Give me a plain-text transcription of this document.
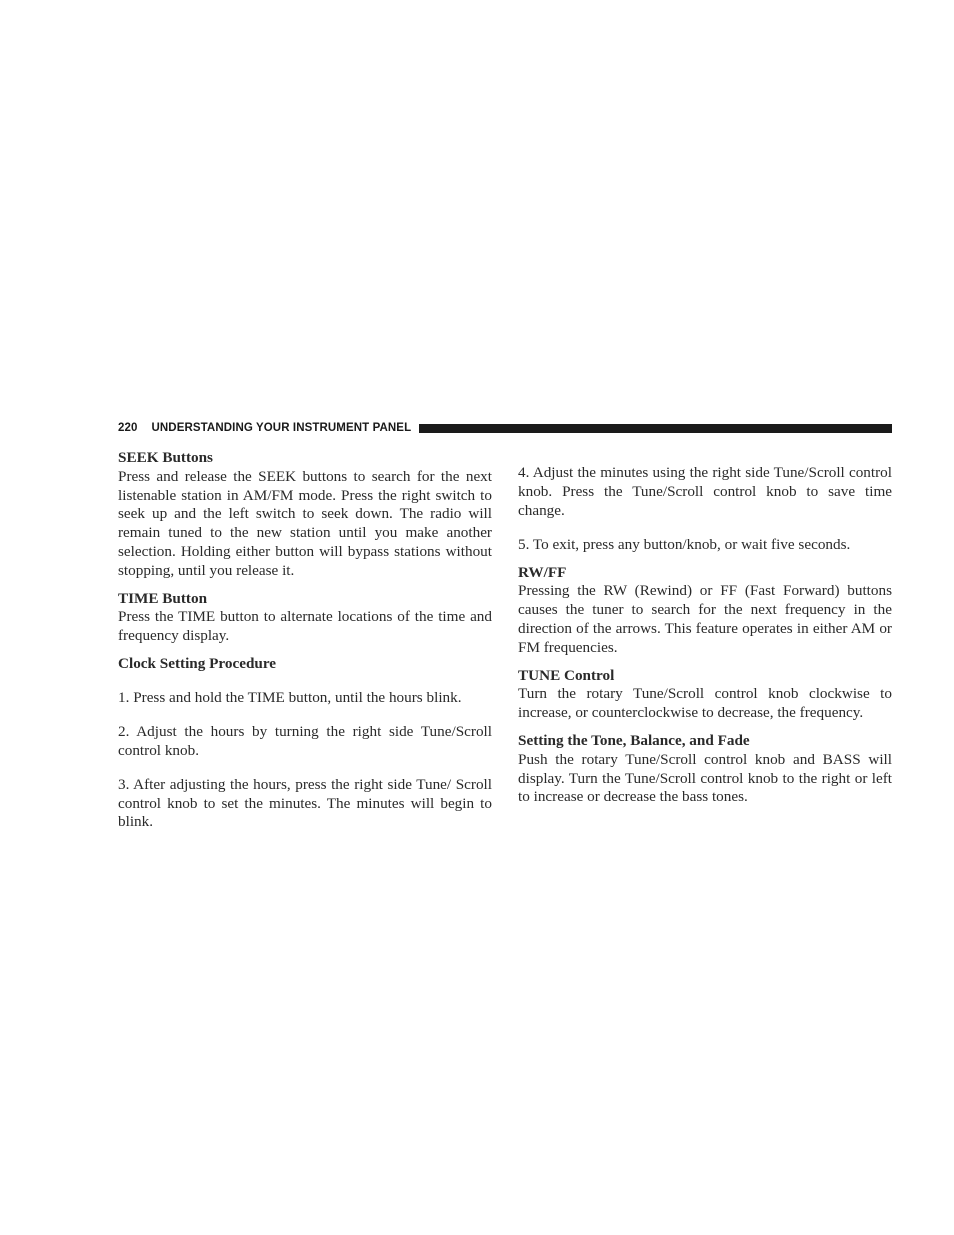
220 UNDERSTANDING YOUR INSTRUMENT PANEL

SEEK Buttons

Press and release the SEEK buttons to search for the next listenable station in AM/FM mode. Press the right switch to seek up and the left switch to seek down. The radio will remain tuned to the new station until you make another selection. Holding either button will bypass stations without stopping, until you release it.

TIME Button

Press the TIME button to alternate locations of the time and frequency display.

Clock Setting Procedure

1. Press and hold the TIME button, until the hours blink.

2. Adjust the hours by turning the right side Tune/Scroll control knob.

3. After adjusting the hours, press the right side Tune/ Scroll control knob to set the minutes. The minutes will begin to blink.

4. Adjust the minutes using the right side Tune/Scroll control knob. Press the Tune/Scroll control knob to save time change.

5. To exit, press any button/knob, or wait five seconds.

RW/FF

Pressing the RW (Rewind) or FF (Fast Forward) buttons causes the tuner to search for the next frequency in the direction of the arrows. This feature operates in either AM or FM frequencies.

TUNE Control

Turn the rotary Tune/Scroll control knob clockwise to increase, or counterclockwise to decrease, the frequency.

Setting the Tone, Balance, and Fade

Push the rotary Tune/Scroll control knob and BASS will display. Turn the Tune/Scroll control knob to the right or left to increase or decrease the bass tones.
